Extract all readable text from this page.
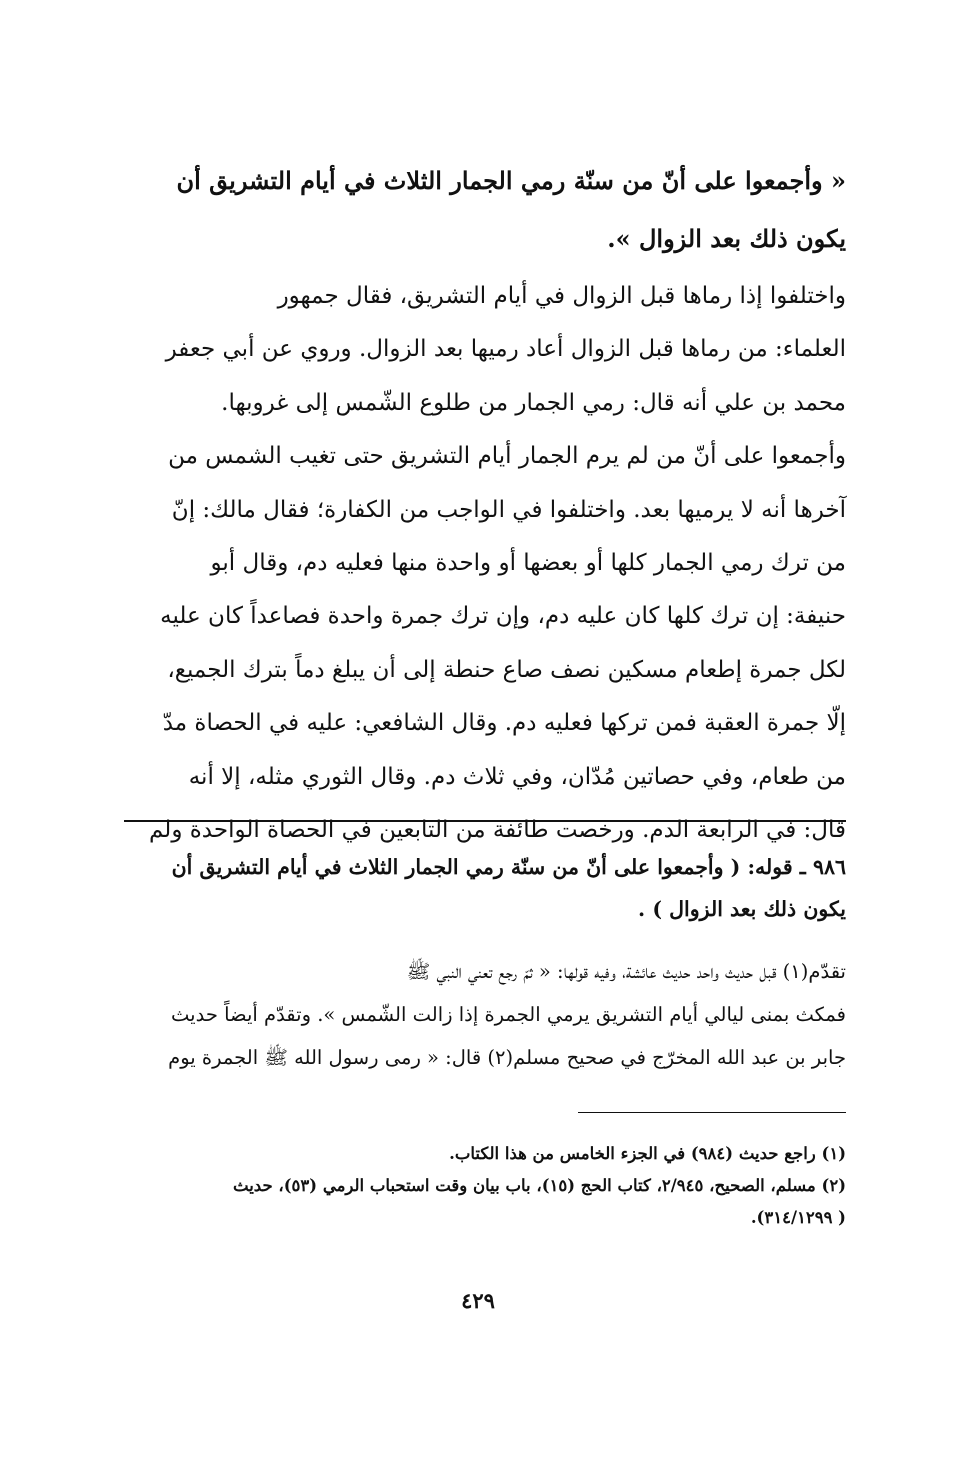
« وأجمعوا على أنّ من سنّة رمي الجمار الثلاث في أيام التشريق أن
يكون ذلك بعد الزوال ».
واختلفوا إذا رماها قبل الزوال في أيام التشريق، فقال جمهور
العلماء: من رماها قبل الزوال أعاد رميها بعد الزوال. وروي عن أبي جعفر
محمد بن علي أنه قال: رمي الجمار من طلوع الشّمس إلى غروبها.
وأجمعوا على أنّ من لم يرم الجمار أيام التشريق حتى تغيب الشمس من
آخرها أنه لا يرميها بعد. واختلفوا في الواجب من الكفارة؛ فقال مالك: إنّ
من ترك رمي الجمار كلها أو بعضها أو واحدة منها فعليه دم، وقال أبو
حنيفة: إن ترك كلها كان عليه دم، وإن ترك جمرة واحدة فصاعداً كان عليه
لكل جمرة إطعام مسكين نصف صاع حنطة إلى أن يبلغ دماً بترك الجميع،
إلّا جمرة العقبة فمن تركها فعليه دم. وقال الشافعي: عليه في الحصاة مدّ
من طعام، وفي حصاتين مُدّان، وفي ثلاث دم. وقال الثوري مثله، إلا أنه
قال: في الرابعة الدم. ورخصت طائفة من التابعين في الحصاة الواحدة ولم
٩٨٦ ـ قوله: ( وأجمعوا على أنّ من سنّة رمي الجمار الثلاث في أيام التشريق أن
يكون ذلك بعد الزوال ) .
تقدّم(١) قبل حديث واحد حديث عائشة، وفيه قولها: « ثمّ رجع تعني النبي ﷺ
فمكث بمنى ليالي أيام التشريق يرمي الجمرة إذا زالت الشّمس ». وتقدّم أيضاً حديث
جابر بن عبد الله المخرّج في صحيح مسلم(٢) قال: « رمى رسول الله ﷺ الجمرة يوم
(١) راجع حديث (٩٨٤) في الجزء الخامس من هذا الكتاب.
(٢) مسلم، الصحيح، ٢/٩٤٥، كتاب الحج (١٥)، باب بيان وقت استحباب الرمي (٥٣)، حديث
( ٣١٤/١٢٩٩).
٤٢٩
